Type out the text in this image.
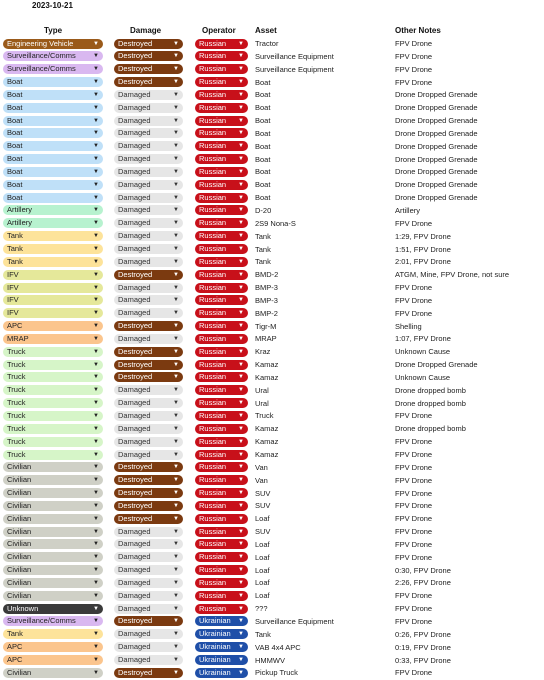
2023-10-21
Type	Damage	Operator Asset	Other Notes
Engineering Vehicle	▼	Destroyed	▼	Russian ▼ Tractor	FPV Drone
Surveillance/Comms	▼	Destroyed	▼	Russian ▼ Surveillance Equipment	FPV Drone
Surveillance/Comms	▼	Destroyed	▼	Russian ▼ Surveillance Equipment	FPV Drone
Boat	▼	Destroyed	▼	Russian ▼ Boat	FPV Drone
Boat	▼	Damaged	▼	Russian ▼ Boat	Drone Dropped Grenade
Boat	▼	Damaged	▼	Russian ▼ Boat	Drone Dropped Grenade
Boat	▼	Damaged	▼	Russian ▼ Boat	Drone Dropped Grenade
Boat	▼	Damaged	▼	Russian ▼ Boat	Drone Dropped Grenade
Boat	▼	Damaged	▼	Russian ▼ Boat	Drone Dropped Grenade
Boat	▼	Damaged	▼	Russian ▼ Boat	Drone Dropped Grenade
Boat	▼	Damaged	▼	Russian ▼ Boat	Drone Dropped Grenade
Boat	▼	Damaged	▼	Russian ▼ Boat	Drone Dropped Grenade
Boat	▼	Damaged	▼	Russian ▼ Boat	Drone Dropped Grenade
Artillery	▼	Damaged	▼	Russian ▼ D-20	Artillery
Artillery	▼	Damaged	▼	Russian ▼ 2S9 Nona-S	FPV Drone
Tank	▼	Damaged	▼	Russian ▼ Tank	1:29, FPV Drone
Tank	▼	Damaged	▼	Russian ▼ Tank	1:51, FPV Drone
Tank	▼	Damaged	▼	Russian ▼ Tank	2:01, FPV Drone
IFV	▼	Destroyed	▼	Russian ▼ BMD-2	ATGM, Mine, FPV Drone, not sure
IFV	▼	Damaged	▼	Russian ▼ BMP-3	FPV Drone
IFV	▼	Damaged	▼	Russian ▼ BMP-3	FPV Drone
IFV	▼	Damaged	▼	Russian ▼ BMP-2	FPV Drone
APC	▼	Destroyed	▼	Russian ▼ Tigr-M	Shelling
MRAP	▼	Damaged	▼	Russian ▼ MRAP	1:07, FPV Drone
Truck	▼	Destroyed	▼	Russian ▼ Kraz	Unknown Cause
Truck	▼	Destroyed	▼	Russian ▼ Kamaz	Drone Dropped Grenade
Truck	▼	Destroyed	▼	Russian ▼ Kamaz	Unknown Cause
Truck	▼	Damaged	▼	Russian ▼ Ural	Drone dropped bomb
Truck	▼	Damaged	▼	Russian ▼ Ural	Drone dropped bomb
Truck	▼	Damaged	▼	Russian ▼ Truck	FPV Drone
Truck	▼	Damaged	▼	Russian ▼ Kamaz	Drone dropped bomb
Truck	▼	Damaged	▼	Russian ▼ Kamaz	FPV Drone
Truck	▼	Damaged	▼	Russian ▼ Kamaz	FPV Drone
Civilian	▼	Destroyed	▼	Russian ▼ Van	FPV Drone
Civilian	▼	Destroyed	▼	Russian ▼ Van	FPV Drone
Civilian	▼	Destroyed	▼	Russian ▼ SUV	FPV Drone
Civilian	▼	Destroyed	▼	Russian ▼ SUV	FPV Drone
Civilian	▼	Destroyed	▼	Russian ▼ Loaf	FPV Drone
Civilian	▼	Damaged	▼	Russian ▼ SUV	FPV Drone
Civilian	▼	Damaged	▼	Russian ▼ Loaf	FPV Drone
Civilian	▼	Damaged	▼	Russian ▼ Loaf	FPV Drone
Civilian	▼	Damaged	▼	Russian ▼ Loaf	0:30, FPV Drone
Civilian	▼	Damaged	▼	Russian ▼ Loaf	2:26, FPV Drone
Civilian	▼	Damaged	▼	Russian ▼ Loaf	FPV Drone
Unknown	▼	Damaged	▼	Russian ▼ ???	FPV Drone
Surveillance/Comms	▼	Destroyed	▼	Ukrainian ▼ Surveillance Equipment	FPV Drone
Tank	▼	Damaged	▼	Ukrainian ▼ Tank	0:26, FPV Drone
APC	▼	Damaged	▼	Ukrainian ▼ VAB 4x4 APC	0:19, FPV Drone
APC	▼	Damaged	▼	Ukrainian ▼ HMMWV	0:33, FPV Drone
Civilian	▼	Destroyed	▼	Ukrainian ▼ Pickup Truck	FPV Drone
